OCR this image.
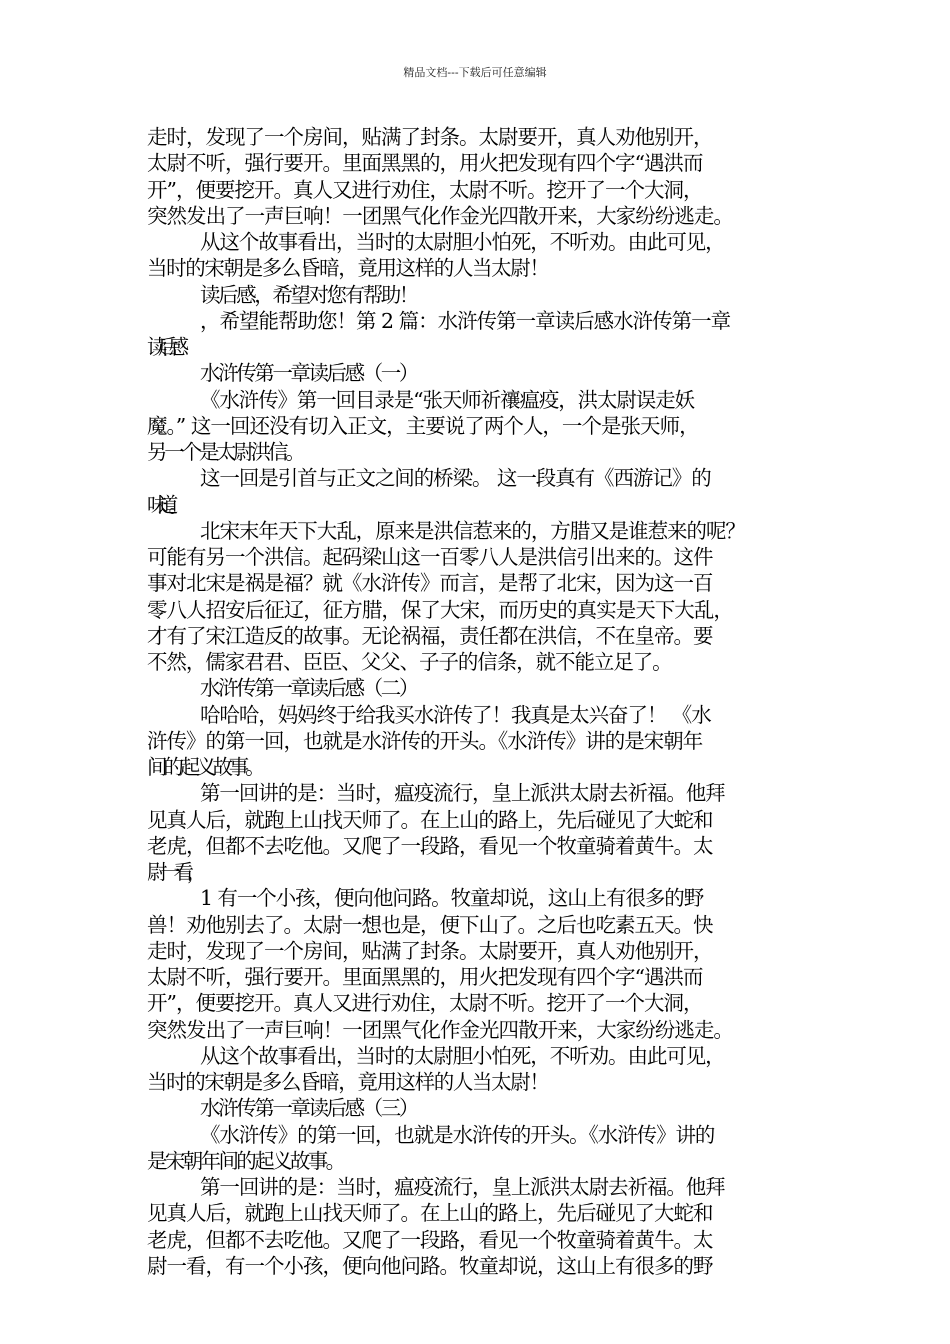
精品文档---下载后可任意编辑
走时，发现了一个房间，贴满了封条。太尉要开，真人劝他别开，
太尉不听，强行要开。里面黑黑的，用火把发现有四个字“遇洪而
开”，便要挖开。真人又进行劝住，太尉不听。挖开了一个大洞，
突然发出了一声巨响！一团黑气化作金光四散开来，大家纷纷逃走。
从这个故事看出，当时的太尉胆小怕死，不听劝。由此可见，
当时的宋朝是多么昏暗，竟用这样的人当太尉！
读后感，希望对您有帮助！
，希望能帮助您！第 2 篇：水浒传第一章读后感水浒传第一章
读后感
水浒传第一章读后感（一）
《水浒传》第一回目录是“张天师祈禳瘟疫，洪太尉误走妖
魔。” 这一回还没有切入正文，主要说了两个人，一个是张天师，
另一个是太尉洪信。
这一回是引首与正文之间的桥梁。 这一段真有《西游记》的
味道。
北宋末年天下大乱，原来是洪信惹来的，方腊又是谁惹来的呢？
可能有另一个洪信。起码梁山这一百零八人是洪信引出来的。这件
事对北宋是祸是福？就《水浒传》而言，是帮了北宋，因为这一百
零八人招安后征辽，征方腊，保了大宋，而历史的真实是天下大乱，
才有了宋江造反的故事。无论祸福，责任都在洪信，不在皇帝。要
不然，儒家君君、臣臣、父父、子子的信条，就不能立足了。
水浒传第一章读后感（二）
哈哈哈，妈妈终于给我买水浒传了！我真是太兴奋了！ 《水
浒传》的第一回，也就是水浒传的开头。《水浒传》讲的是宋朝年
间的起义故事。
第一回讲的是：当时，瘟疫流行，皇上派洪太尉去祈福。他拜
见真人后，就跑上山找天师了。在上山的路上，先后碰见了大蛇和
老虎，但都不去吃他。又爬了一段路，看见一个牧童骑着黄牛。太
尉一看，
1 有一个小孩，便向他问路。牧童却说，这山上有很多的野
兽！劝他别去了。太尉一想也是，便下山了。之后也吃素五天。快
走时，发现了一个房间，贴满了封条。太尉要开，真人劝他别开，
太尉不听，强行要开。里面黑黑的，用火把发现有四个字“遇洪而
开”，便要挖开。真人又进行劝住，太尉不听。挖开了一个大洞，
突然发出了一声巨响！一团黑气化作金光四散开来，大家纷纷逃走。
从这个故事看出，当时的太尉胆小怕死，不听劝。由此可见，
当时的宋朝是多么昏暗，竟用这样的人当太尉！
水浒传第一章读后感（三）
《水浒传》的第一回，也就是水浒传的开头。《水浒传》讲的
是宋朝年间的起义故事。
第一回讲的是：当时，瘟疫流行，皇上派洪太尉去祈福。他拜
见真人后，就跑上山找天师了。在上山的路上，先后碰见了大蛇和
老虎，但都不去吃他。又爬了一段路，看见一个牧童骑着黄牛。太
尉一看，有一个小孩，便向他问路。牧童却说，这山上有很多的野
